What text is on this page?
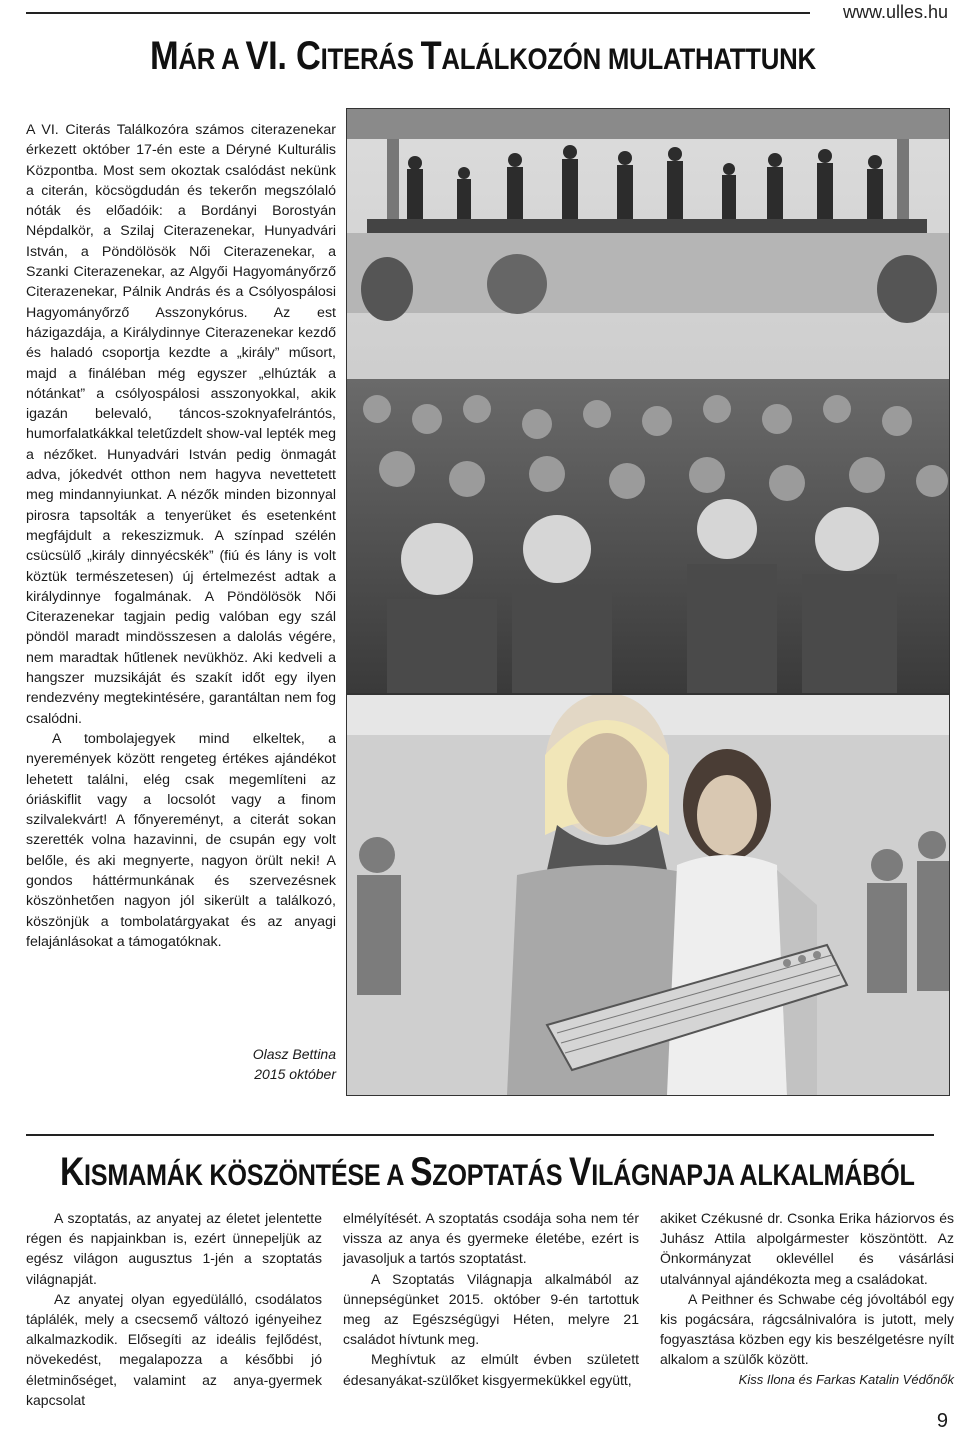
www.ulles.hu
MÁR A VI. CITERÁS TALÁLKOZÓN MULATHATTUNK

A VI. Citerás Találkozóra számos citerazenekar érkezett október 17-én este a Déryné Kulturális Központba. Most sem okoztak csalódást nekünk a citerán, köcsögdudán és tekerőn megszólaló nóták és előadóik: a Bordányi Borostyán Népdalkör, a Szilaj Citerazenekar, Hunyadvári István, a Pöndölösök Női Citerazenekar, a Szanki Citerazenekar, az Algyői Hagyományőrző Citerazenekar, Pálnik András és a Csólyospálosi Hagyományőrző Asszonykórus. Az est házigazdája, a Királydinnye Citerazenekar kezdő és haladó csoportja kezdte a „király” műsort, majd a fináléban még egyszer „elhúzták a nótánkat” a csólyospálosi asszonyokkal, akik igazán belevaló, táncos-szoknyafelrántós, humorfalatkákkal teletűzdelt show-val lepték meg a nézőket. Hunyadvári István pedig önmagát adva, jókedvét otthon nem hagyva nevettetett meg mindannyiunkat. A nézők minden bizonnyal pirosra tapsolták a tenyerüket és esetenként megfájdult a rekeszizmuk. A színpad szélén csücsülő „király dinnyécskék” (fiú és lány is volt köztük természetesen) új értelmezést adtak a királydinnye fogalmának. A Pöndölösök Női Citerazenekar tagjain pedig valóban egy szál pöndöl maradt mindösszesen a dalolás végére, nem maradtak hűtlenek nevükhöz. Aki kedveli a hangszer muzsikáját és szakít időt egy ilyen rendezvény megtekintésére, garantáltan nem fog csalódni.

A tombolajegyek mind elkeltek, a nyeremények között rengeteg értékes ajándékot lehetett találni, elég csak megemlíteni az óriáskiflit vagy a locsolót vagy a finom szilvalekvárt! A főnyereményt, a citerát sokan szerették volna hazavinni, de csupán egy volt belőle, és aki megnyerte, nagyon örült neki! A gondos háttérmunkának és szervezésnek köszönhetően nagyon jól sikerült a találkozó, köszönjük a tombolatárgyakat és az anyagi felajánlásokat a támogatóknak.

Olasz Bettina
2015 október
KISMAMÁK KÖSZÖNTÉSE A SZOPTATÁS VILÁGNAPJA ALKALMÁBÓL

A szoptatás, az anyatej az életet jelentette régen és napjainkban is, ezért ünnepeljük az egész világon augusztus 1-jén a szoptatás világnapját.

Az anyatej olyan egyedülálló, csodálatos táplálék, mely a csecsemő változó igényeihez alkalmazkodik. Elősegíti az ideális fejlődést, növekedést, megalapozza a későbbi jó életminőséget, valamint az anya-gyermek kapcsolat

elmélyítését. A szoptatás csodája soha nem tér vissza az anya és gyermeke életébe, ezért is javasoljuk a tartós szoptatást.

A Szoptatás Világnapja alkalmából az ünnepségünket 2015. október 9-én tartottuk meg az Egészségügyi Héten, melyre 21 családot hívtunk meg.

Meghívtuk az elmúlt évben született édesanyákat-szülőket kisgyermekükkel együtt,

akiket Czékusné dr. Csonka Erika háziorvos és Juhász Attila alpolgármester köszöntött. Az Önkormányzat oklevéllel és vásárlási utalvánnyal ajándékozta meg a családokat.

A Peithner és Schwabe cég jóvoltából egy kis pogácsára, rágcsálnivalóra is jutott, mely fogyasztása közben egy kis beszélgetésre nyílt alkalom a szülők között.

Kiss Ilona és Farkas Katalin Védőnők

9
